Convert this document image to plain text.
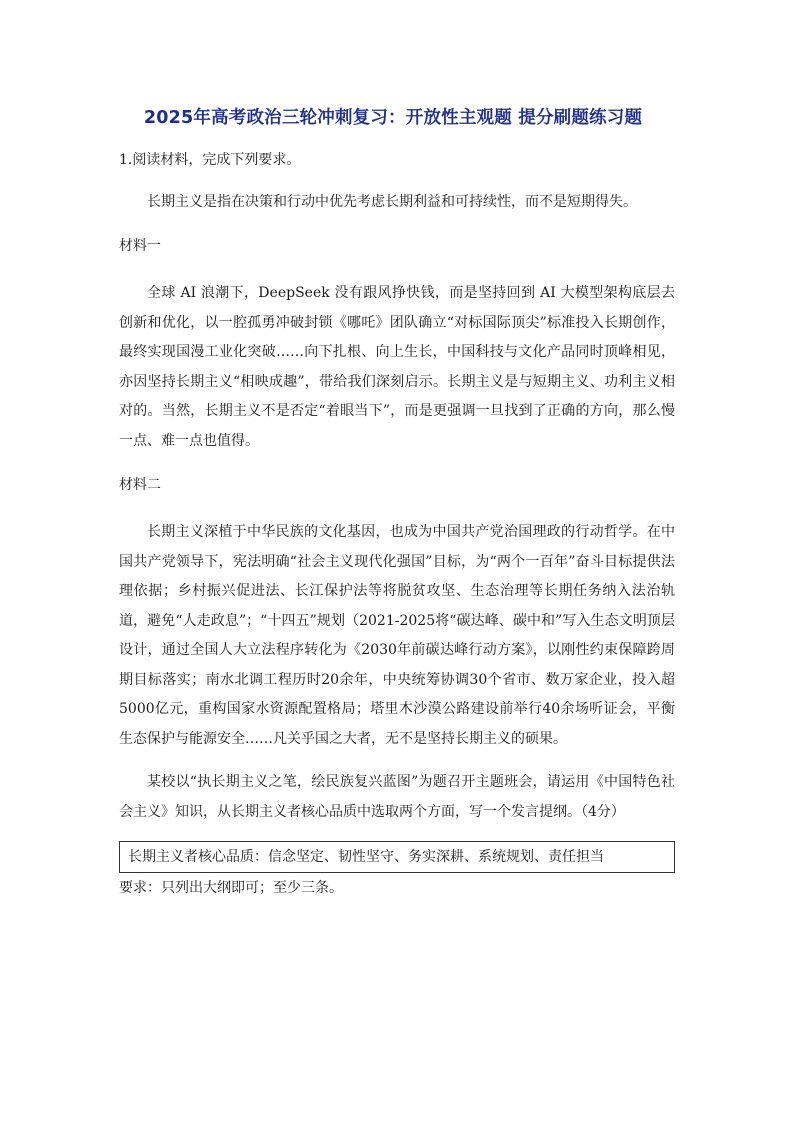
2025年高考政治三轮冲刺复习：开放性主观题 提分刷题练习题
1.阅读材料，完成下列要求。
长期主义是指在决策和行动中优先考虑长期利益和可持续性，而不是短期得失。
材料一
全球 AI 浪潮下，DeepSeek 没有跟风挣快钱，而是坚持回到 AI 大模型架构底层去创新和优化，以一腔孤勇冲破封锁《哪吒》团队确立“对标国际顶尖”标准投入长期创作，最终实现国漫工业化突破……向下扎根、向上生长，中国科技与文化产品同时顶峰相见，亦因坚持长期主义“相映成趣”，带给我们深刻启示。长期主义是与短期主义、功利主义相对的。当然，长期主义不是否定“着眼当下”，而是更强调一旦找到了正确的方向，那么慢一点、难一点也值得。
材料二
长期主义深植于中华民族的文化基因，也成为中国共产党治国理政的行动哲学。在中国共产党领导下，宪法明确“社会主义现代化强国”目标，为“两个一百年”奋斗目标提供法理依据；乡村振兴促进法、长江保护法等将脱贫攻坚、生态治理等长期任务纳入法治轨道，避免“人走政息”；“十四五”规划（2021-2025将“碳达峰、碳中和”写入生态文明顶层设计，通过全国人大立法程序转化为《2030年前碳达峰行动方案》，以刚性约束保障跨周期目标落实；南水北调工程历时20余年，中央统筹协调30个省市、数万家企业，投入超5000亿元，重构国家水资源配置格局；塔里木沙漠公路建设前举行40余场听证会，平衡生态保护与能源安全……凡关乎国之大者，无不是坚持长期主义的硕果。
某校以“执长期主义之笔，绘民族复兴蓝图”为题召开主题班会，请运用《中国特色社会主义》知识，从长期主义者核心品质中选取两个方面，写一个发言提纲。（4分）
长期主义者核心品质：信念坚定、韧性坚守、务实深耕、系统规划、责任担当
要求：只列出大纲即可；至少三条。
